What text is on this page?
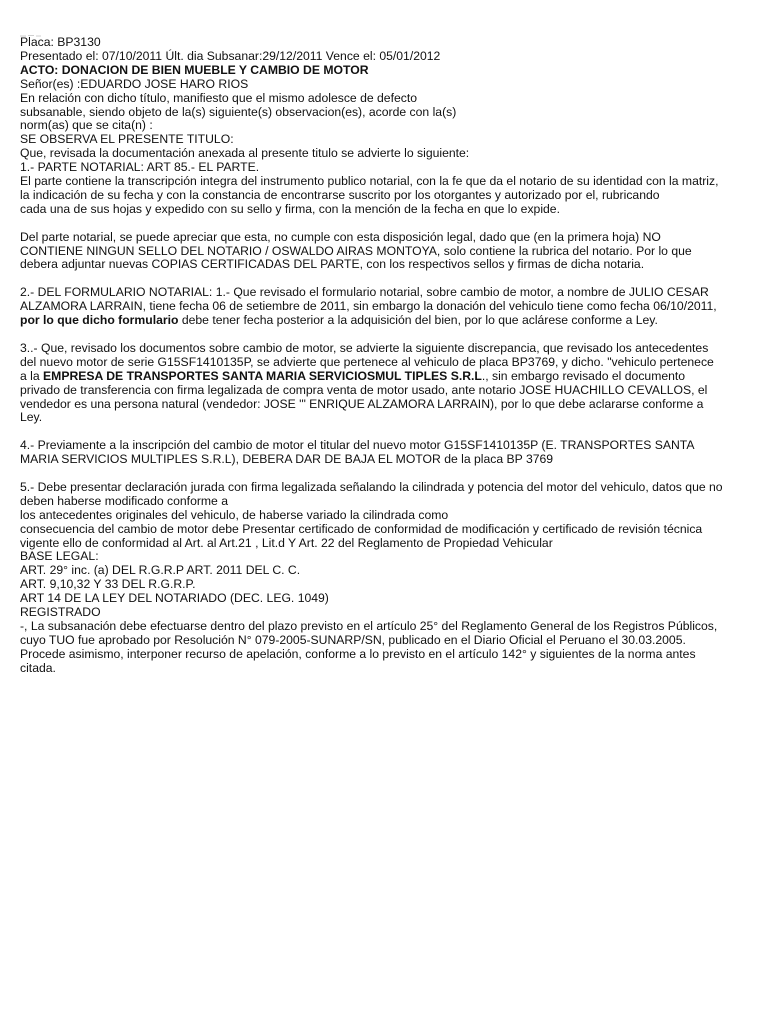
Placa: BP3130
Presentado el: 07/10/2011 Últ. dia Subsanar:29/12/2011 Vence el: 05/01/2012
ACTO: DONACION DE BIEN MUEBLE Y CAMBIO DE MOTOR
Señor(es) :EDUARDO JOSE HARO RIOS
En relación con dicho título, manifiesto que el mismo adolesce de defecto
subsanable, siendo objeto de la(s) siguiente(s) observacion(es), acorde con la(s)
norm(as) que se cita(n) :
SE OBSERVA EL PRESENTE TITULO:
Que, revisada la documentación anexada al presente titulo se advierte lo siguiente:
1.- PARTE NOTARIAL: ART 85.- EL PARTE.
El parte contiene la transcripción integra del instrumento publico notarial, con la fe que da el notario de su identidad con la matriz,
la indicación de su fecha y con la constancia de encontrarse suscrito por los otorgantes y autorizado por el, rubricando
cada una de sus hojas y expedido con su sello y firma, con la mención de la fecha en que lo expide.
Del parte notarial, se puede apreciar que esta, no cumple con esta disposición legal, dado que (en la primera hoja) NO
CONTIENE NINGUN SELLO DEL NOTARIO / OSWALDO AIRAS MONTOYA, solo contiene la rubrica del notario. Por lo que
debera adjuntar nuevas COPIAS CERTIFICADAS DEL PARTE, con los respectivos sellos y firmas de dicha notaria.
2.- DEL FORMULARIO NOTARIAL: 1.- Que revisado el formulario notarial, sobre cambio de motor, a nombre de JULIO CESAR
ALZAMORA LARRAIN, tiene fecha 06 de setiembre de 2011, sin embargo la donación del vehiculo tiene como fecha 06/10/2011,
por lo que dicho formulario debe tener fecha posterior a la adquisición del bien, por lo que aclárese conforme a Ley.
3..- Que, revisado los documentos sobre cambio de motor, se advierte la siguiente discrepancia, que revisado los antecedentes
del nuevo motor de serie G15SF1410135P, se advierte que pertenece al vehiculo de placa BP3769, y dicho. "vehiculo pertenece
a la EMPRESA DE TRANSPORTES SANTA MARIA SERVICIOSMUL TIPLES S.R.L., sin embargo revisado el documento
privado de transferencia con firma legalizada de compra venta de motor usado, ante notario JOSE HUACHILLO CEVALLOS, el
vendedor es una persona natural (vendedor: JOSE '" ENRIQUE ALZAMORA LARRAIN), por lo que debe aclararse conforme a
Ley.
4.- Previamente a la inscripción del cambio de motor el titular del nuevo motor G15SF1410135P (E. TRANSPORTES SANTA
MARIA SERVICIOS MULTIPLES S.R.L), DEBERA DAR DE BAJA EL MOTOR de la placa BP 3769
5.- Debe presentar declaración jurada con firma legalizada señalando la cilindrada y potencia del motor del vehiculo, datos que no
deben haberse modificado conforme a
los antecedentes originales del vehiculo, de haberse variado la cilindrada como
consecuencia del cambio de motor debe Presentar certificado de conformidad de modificación y certificado de revisión técnica
vigente ello de conformidad al Art. al Art.21 , Lit.d Y Art. 22 del Reglamento de Propiedad Vehicular
BASE LEGAL:
ART. 29° inc. (a) DEL R.G.R.P ART. 2011 DEL C. C.
ART. 9,10,32 Y 33 DEL R.G.R.P.
ART 14 DE LA LEY DEL NOTARIADO (DEC. LEG. 1049)
REGISTRADO
-, La subsanación debe efectuarse dentro del plazo previsto en el artículo 25° del Reglamento General de los Registros Públicos,
cuyo TUO fue aprobado por Resolución N° 079-2005-SUNARP/SN, publicado en el Diario Oficial el Peruano el 30.03.2005.
Procede asimismo, interponer recurso de apelación, conforme a lo previsto en el artículo 142° y siguientes de la norma antes
citada.
